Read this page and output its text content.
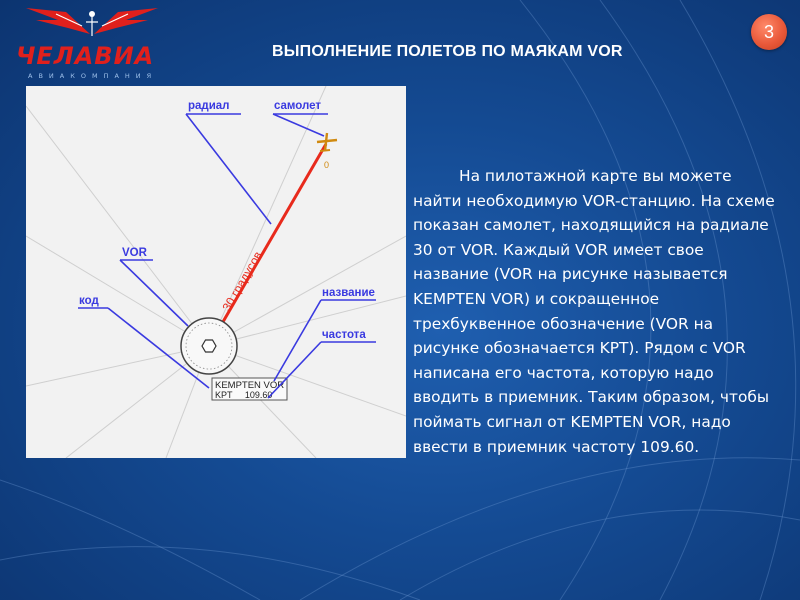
ЧЕЛАВИА
АВИАКОМПАНИЯ
ВЫПОЛНЕНИЕ ПОЛЕТОВ ПО МАЯКАМ VOR
3
30 градусов
0
KEMPTEN VOR
KPT     109.60
радиал	самолет
VOR
код
название
частота
На пилотажной карте вы можете найти необходимую VOR-станцию. На схеме показан самолет, находящийся на радиале 30 от VOR. Каждый VOR имеет свое название (VOR на рисунке называется KEMPTEN VOR) и сокращенное трехбуквенное обозначение (VOR на рисунке обозначается KPT). Рядом с VOR написана его частота, которую надо вводить в приемник. Таким образом, чтобы поймать сигнал от KEMPTEN VOR, надо ввести в приемник частоту 109.60.
